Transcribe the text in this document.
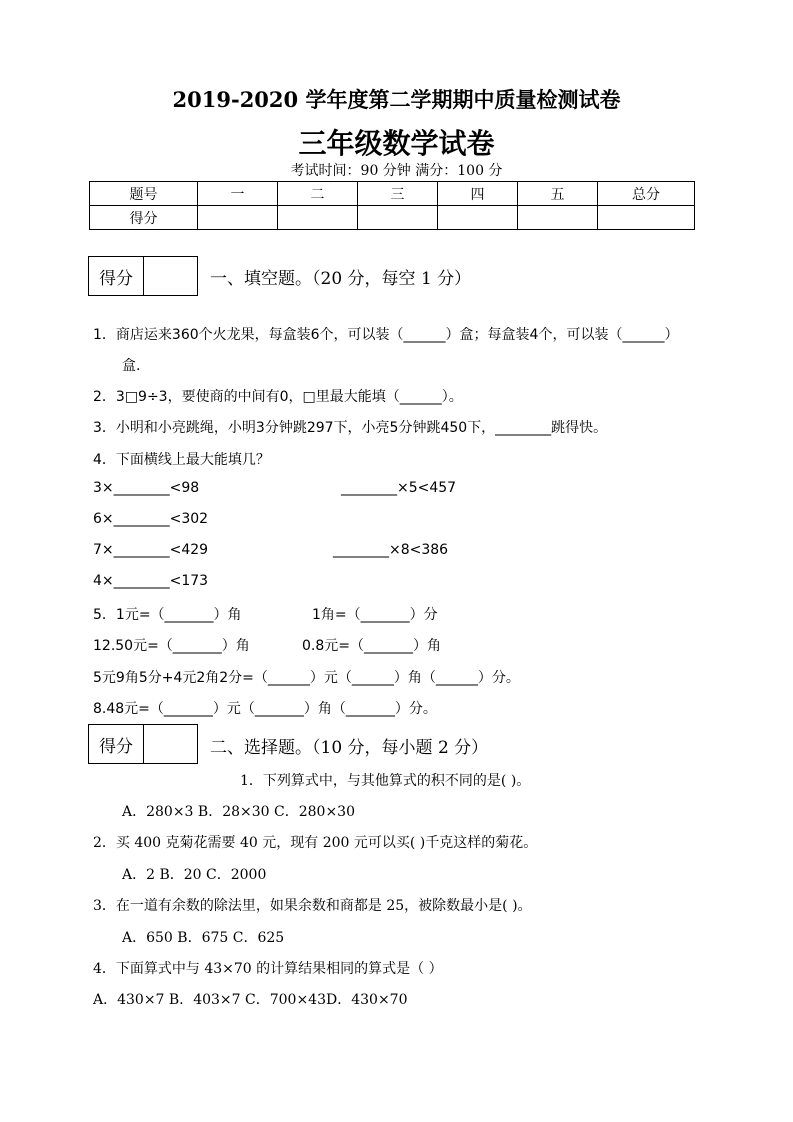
2019-2020 学年度第二学期期中质量检测试卷
三年级数学试卷
考试时间：90 分钟 满分：100 分
题号	一	二	三	四	五	总分
得分						
得分	一、填空题。（20 分，每空 1 分）
1．商店运来360个火龙果，每盒装6个，可以装（______）盒；每盒装4个，可以装（______）
盒.
2．3□9÷3，要使商的中间有0，□里最大能填（______）。
3．小明和小亮跳绳，小明3分钟跳297下，小亮5分钟跳450下，________跳得快。
4．下面横线上最大能填几？
3×________<98	________×5<457
6×________<302
7×________<429	________×8<386
4×________<173
5．1元=（_______）角	1角=（_______）分
12.50元=（_______）角	0.8元=（_______）角
5元9角5分+4元2角2分=（______）元（______）角（______）分。
8.48元=（_______）元（_______）角（_______）分。
得分	二、选择题。（10 分，每小题 2 分）
1．下列算式中，与其他算式的积不同的是( )。
A．280×3 B．28×30 C．280×30
2．买 400 克菊花需要 40 元，现有 200 元可以买( )千克这样的菊花。
A．2 B．20 C．2000
3．在一道有余数的除法里，如果余数和商都是 25，被除数最小是( )。
A．650 B．675 C．625
4．下面算式中与 43×70 的计算结果相同的算式是（ ）
A．430×7 B．403×7 C．700×43D．430×70
